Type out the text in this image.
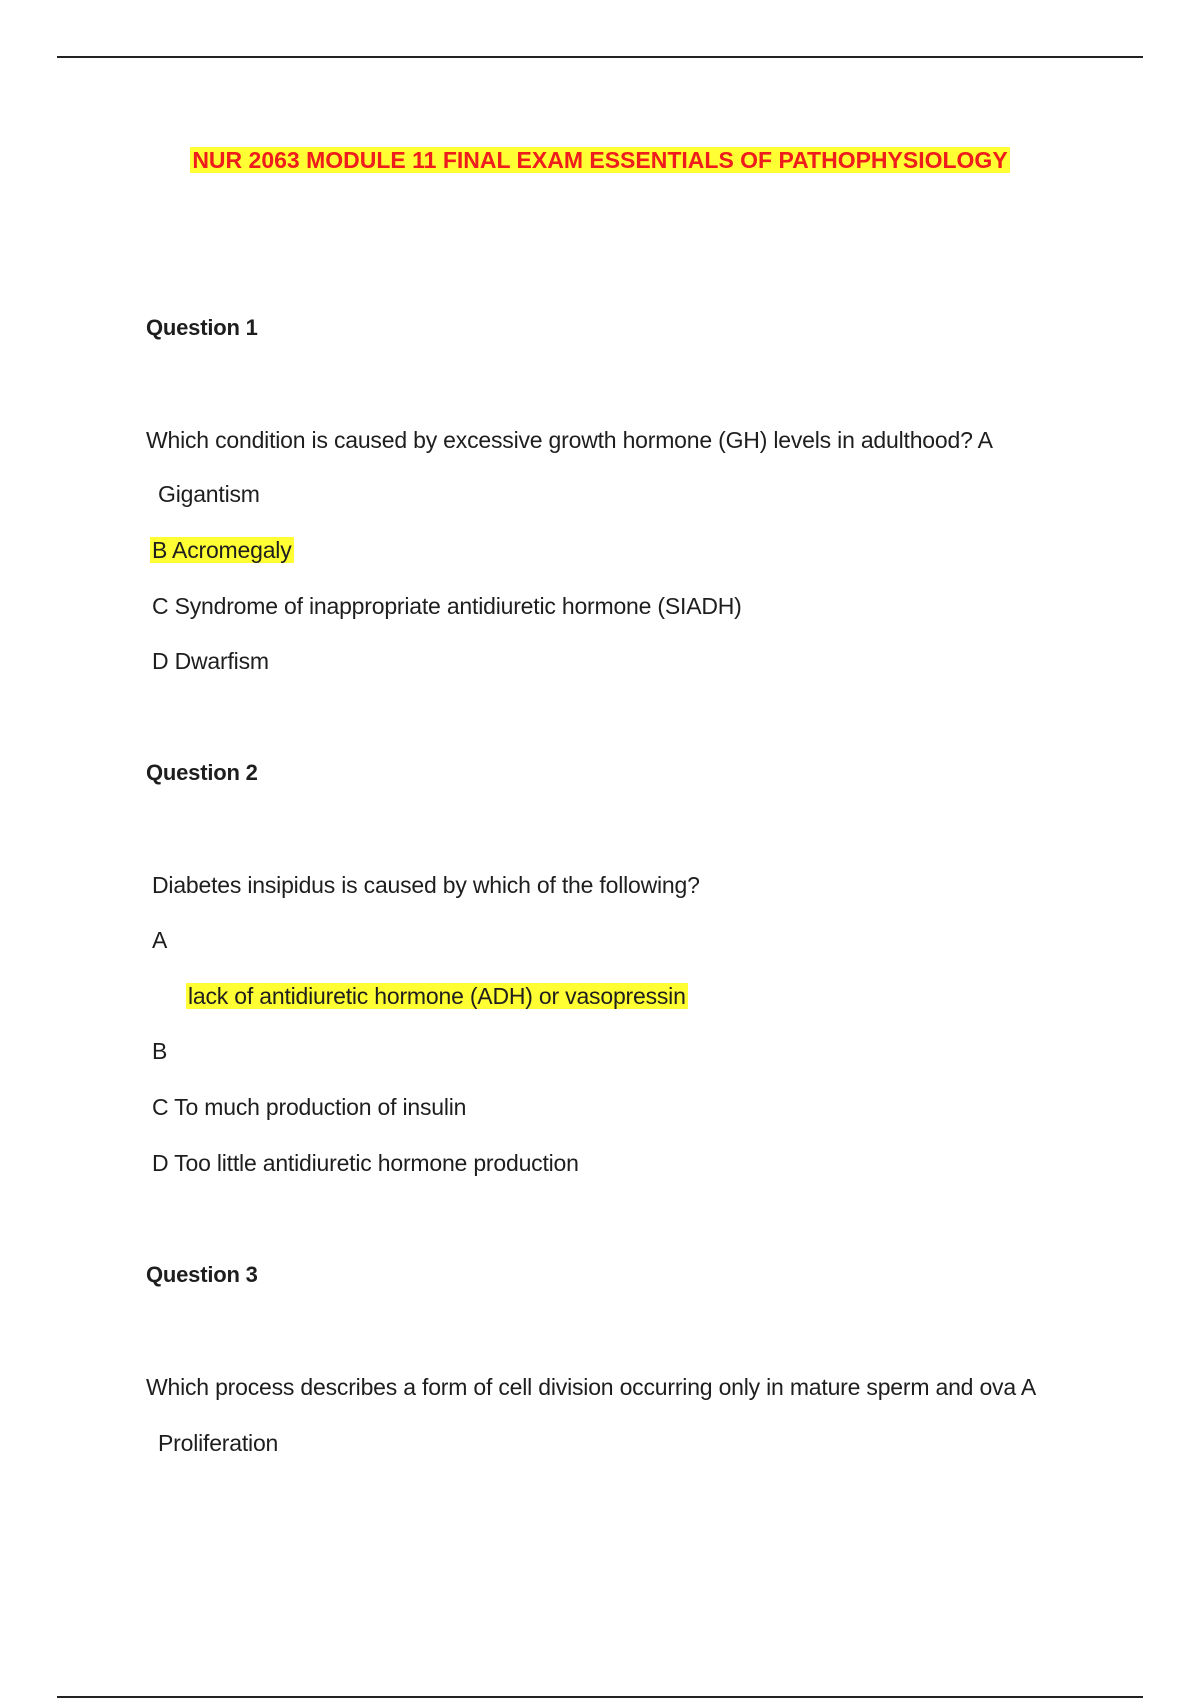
NUR 2063 MODULE 11 FINAL EXAM ESSENTIALS OF PATHOPHYSIOLOGY
Question 1
Which condition is caused by excessive growth hormone (GH) levels in adulthood? A
Gigantism
B Acromegaly
C Syndrome of inappropriate antidiuretic hormone (SIADH)
D Dwarfism
Question 2
Diabetes insipidus is caused by which of the following?
A
lack of antidiuretic hormone (ADH) or vasopressin
B
C To much production of insulin
D Too little antidiuretic hormone production
Question 3
Which process describes a form of cell division occurring only in mature sperm and ova A
Proliferation
